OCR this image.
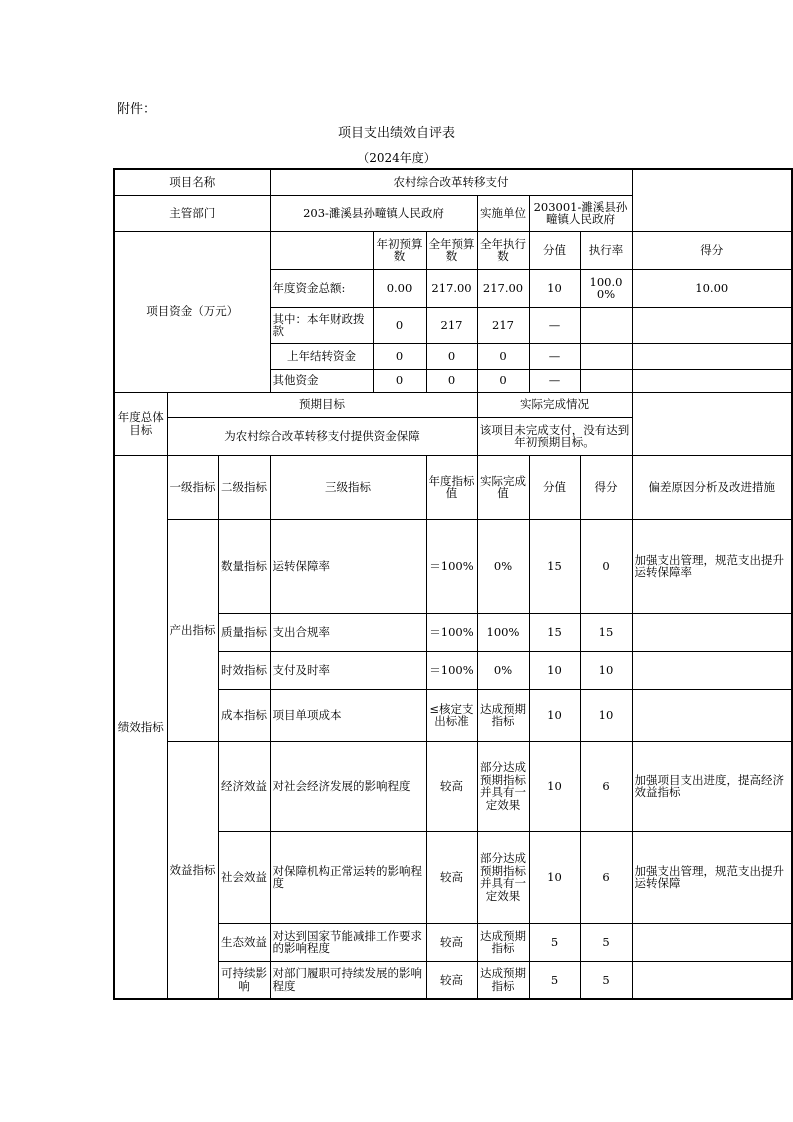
附件：
项目支出绩效自评表
（2024年度）
项目名称			农村综合改革转移支付						
主管部门			203-濉溪县孙疃镇人民政府			实施单位	203001-濉溪县孙疃镇人民政府		
项目资金（万元）				年初预算数	全年预算数	全年执行数	分值	执行率	得分
			年度资金总额:	0.00	217.00	217.00	10	100.00%	10.00
			其中：本年财政拨款	0	217	217	—		
			上年结转资金	0	0	0	—		
			其他资金	0	0	0	—		
年度总体目标	预期目标					实际完成情况			
	为农村综合改革转移支付提供资金保障					该项目未完成支付，没有达到年初预期目标。			
绩效指标	一级指标	二级指标	三级指标		年度指标值	实际完成值	分值	得分	偏差原因分析及改进措施
	产出指标	数量指标	运转保障率		＝100%	0%	15	0	加强支出管理，规范支出提升运转保障率
		质量指标	支出合规率		＝100%	100%	15	15	
		时效指标	支付及时率		＝100%	0%	10	10	
		成本指标	项目单项成本		≤核定支出标准	达成预期指标	10	10	
	效益指标	经济效益	对社会经济发展的影响程度		较高	部分达成预期指标并具有一定效果	10	6	加强项目支出进度，提高经济效益指标
		社会效益	对保障机构正常运转的影响程度		较高	部分达成预期指标并具有一定效果	10	6	加强支出管理，规范支出提升运转保障
		生态效益	对达到国家节能减排工作要求的影响程度		较高	达成预期指标	5	5	
		可持续影响	对部门履职可持续发展的影响程度		较高	达成预期指标	5	5	
